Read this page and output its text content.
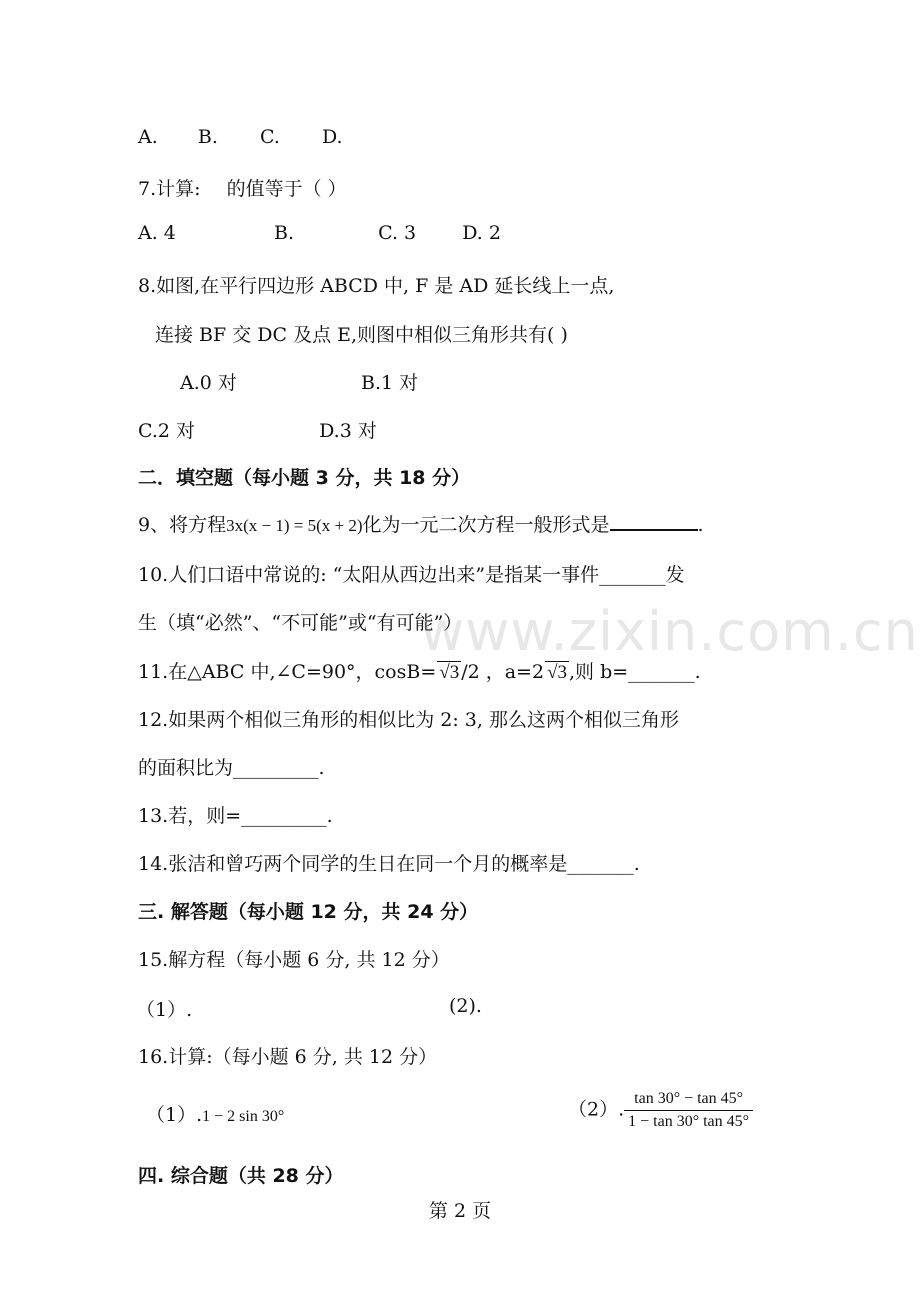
A. B. C. D.
7.计算: 的值等于（ ）
A. 4	B.	C. 3 D. 2
8.如图,在平行四边形 ABCD 中, F 是 AD 延长线上一点,
连接 BF 交 DC 及点 E,则图中相似三角形共有( )
A.0 对	B.1 对
C.2 对	D.3 对
二．填空题（每小题 3 分，共 18 分）
9、将方程3x(x − 1) = 5(x + 2)化为一元二次方程一般形式是	.
10.人们口语中常说的: “太阳从西边出来”是指某一事件_______发
生（填“必然”、“不可能”或“有可能”）
www.zixin.com.cn
11.在△ABC 中,∠C=90°，cosB= √3 /2 ，a=2 √3 ,则 b=_______.
12.如果两个相似三角形的相似比为 2: 3, 那么这两个相似三角形
的面积比为_________.
13.若，则=_________.
14.张洁和曾巧两个同学的生日在同一个月的概率是_______.
三. 解答题（每小题 12 分，共 24 分）
15.解方程（每小题 6 分, 共 12 分）
（1）.	(2).
16.计算:（每小题 6 分, 共 12 分）
（1）.1 − 2 sin 30°	（2）. $\frac{\tan 30^\circ - \tan 45^\circ}{1 - \tan 30^\circ \tan 45^\circ}$
四. 综合题（共 28 分）
第 2 页
